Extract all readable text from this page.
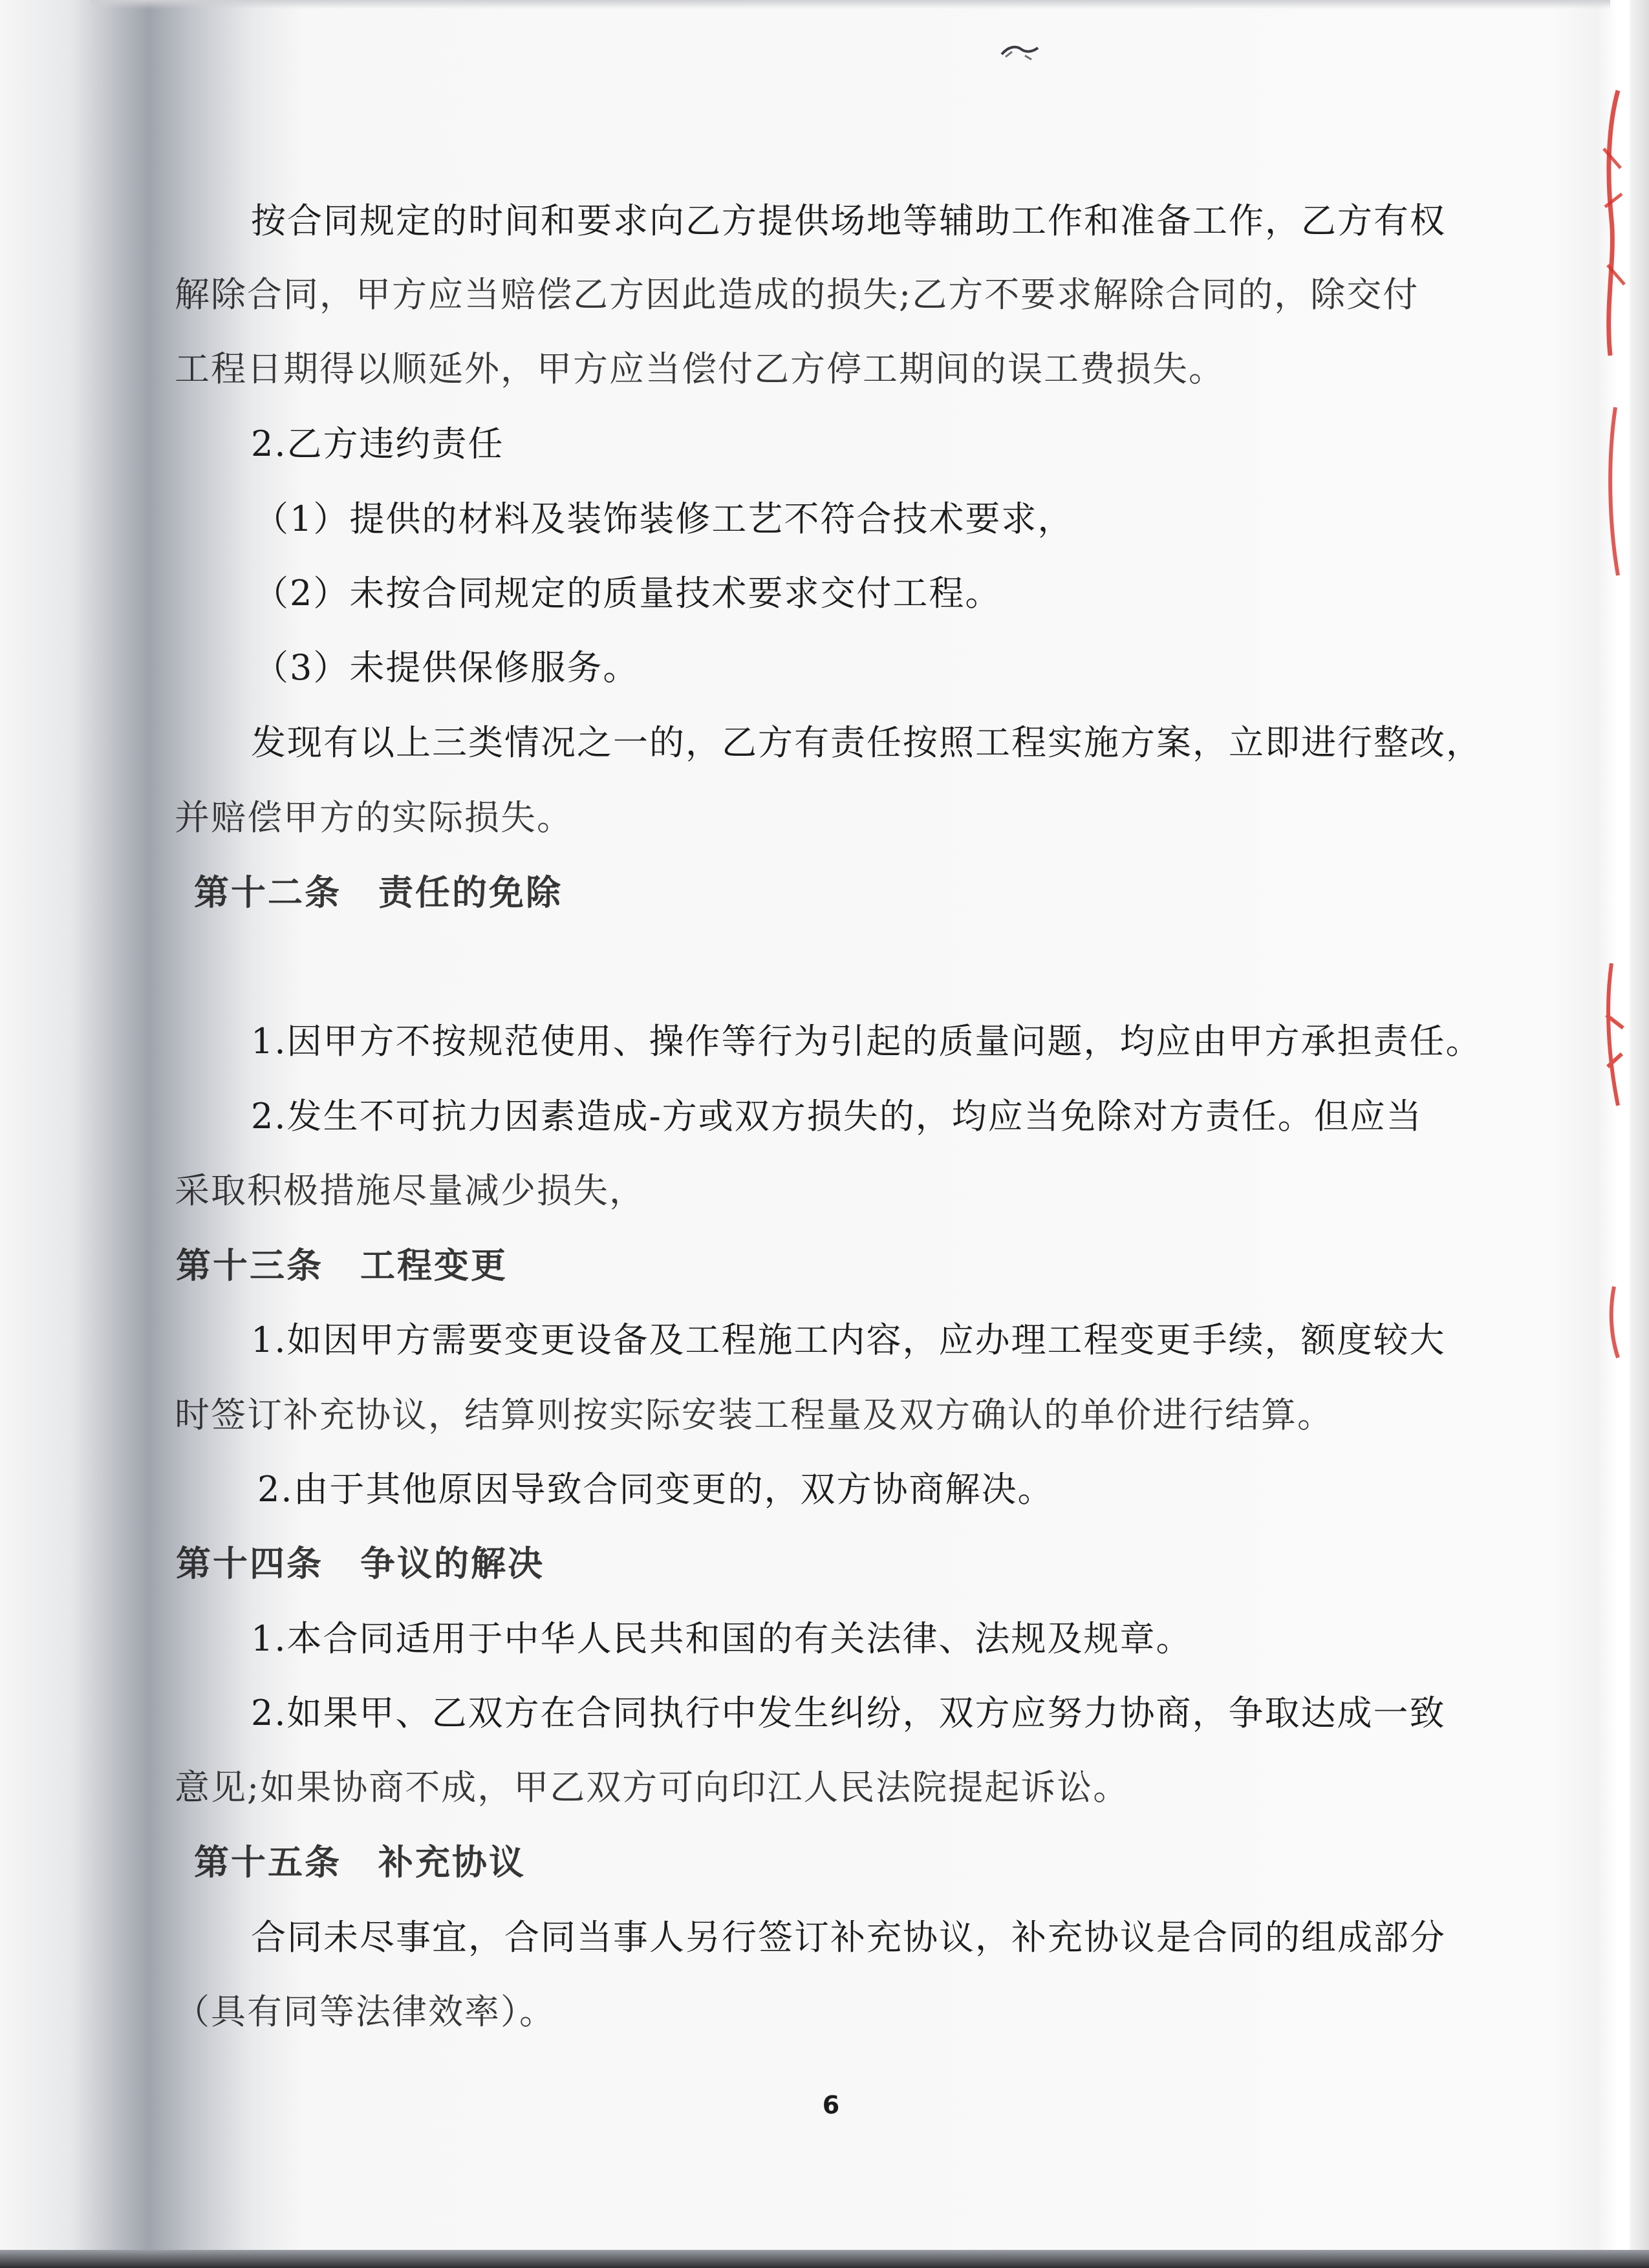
按合同规定的时间和要求向乙方提供场地等辅助工作和准备工作，乙方有权

解除合同，甲方应当赔偿乙方因此造成的损失;乙方不要求解除合同的，除交付

工程日期得以顺延外，甲方应当偿付乙方停工期间的误工费损失。

2.乙方违约责任

（1）提供的材料及装饰装修工艺不符合技术要求，

（2）未按合同规定的质量技术要求交付工程。

（3）未提供保修服务。

发现有以上三类情况之一的，乙方有责任按照工程实施方案，立即进行整改，

并赔偿甲方的实际损失。

第十二条　责任的免除

1.因甲方不按规范使用、操作等行为引起的质量问题，均应由甲方承担责任。

2.发生不可抗力因素造成-方或双方损失的，均应当免除对方责任。但应当

采取积极措施尽量减少损失，

第十三条　工程变更

1.如因甲方需要变更设备及工程施工内容，应办理工程变更手续，额度较大

时签订补充协议，结算则按实际安装工程量及双方确认的单价进行结算。

2.由于其他原因导致合同变更的，双方协商解决。

第十四条　争议的解决

1.本合同适用于中华人民共和国的有关法律、法规及规章。

2.如果甲、乙双方在合同执行中发生纠纷，双方应努力协商，争取达成一致

意见;如果协商不成，甲乙双方可向印江人民法院提起诉讼。

第十五条　补充协议

合同未尽事宜，合同当事人另行签订补充协议，补充协议是合同的组成部分

（具有同等法律效率）。

6
